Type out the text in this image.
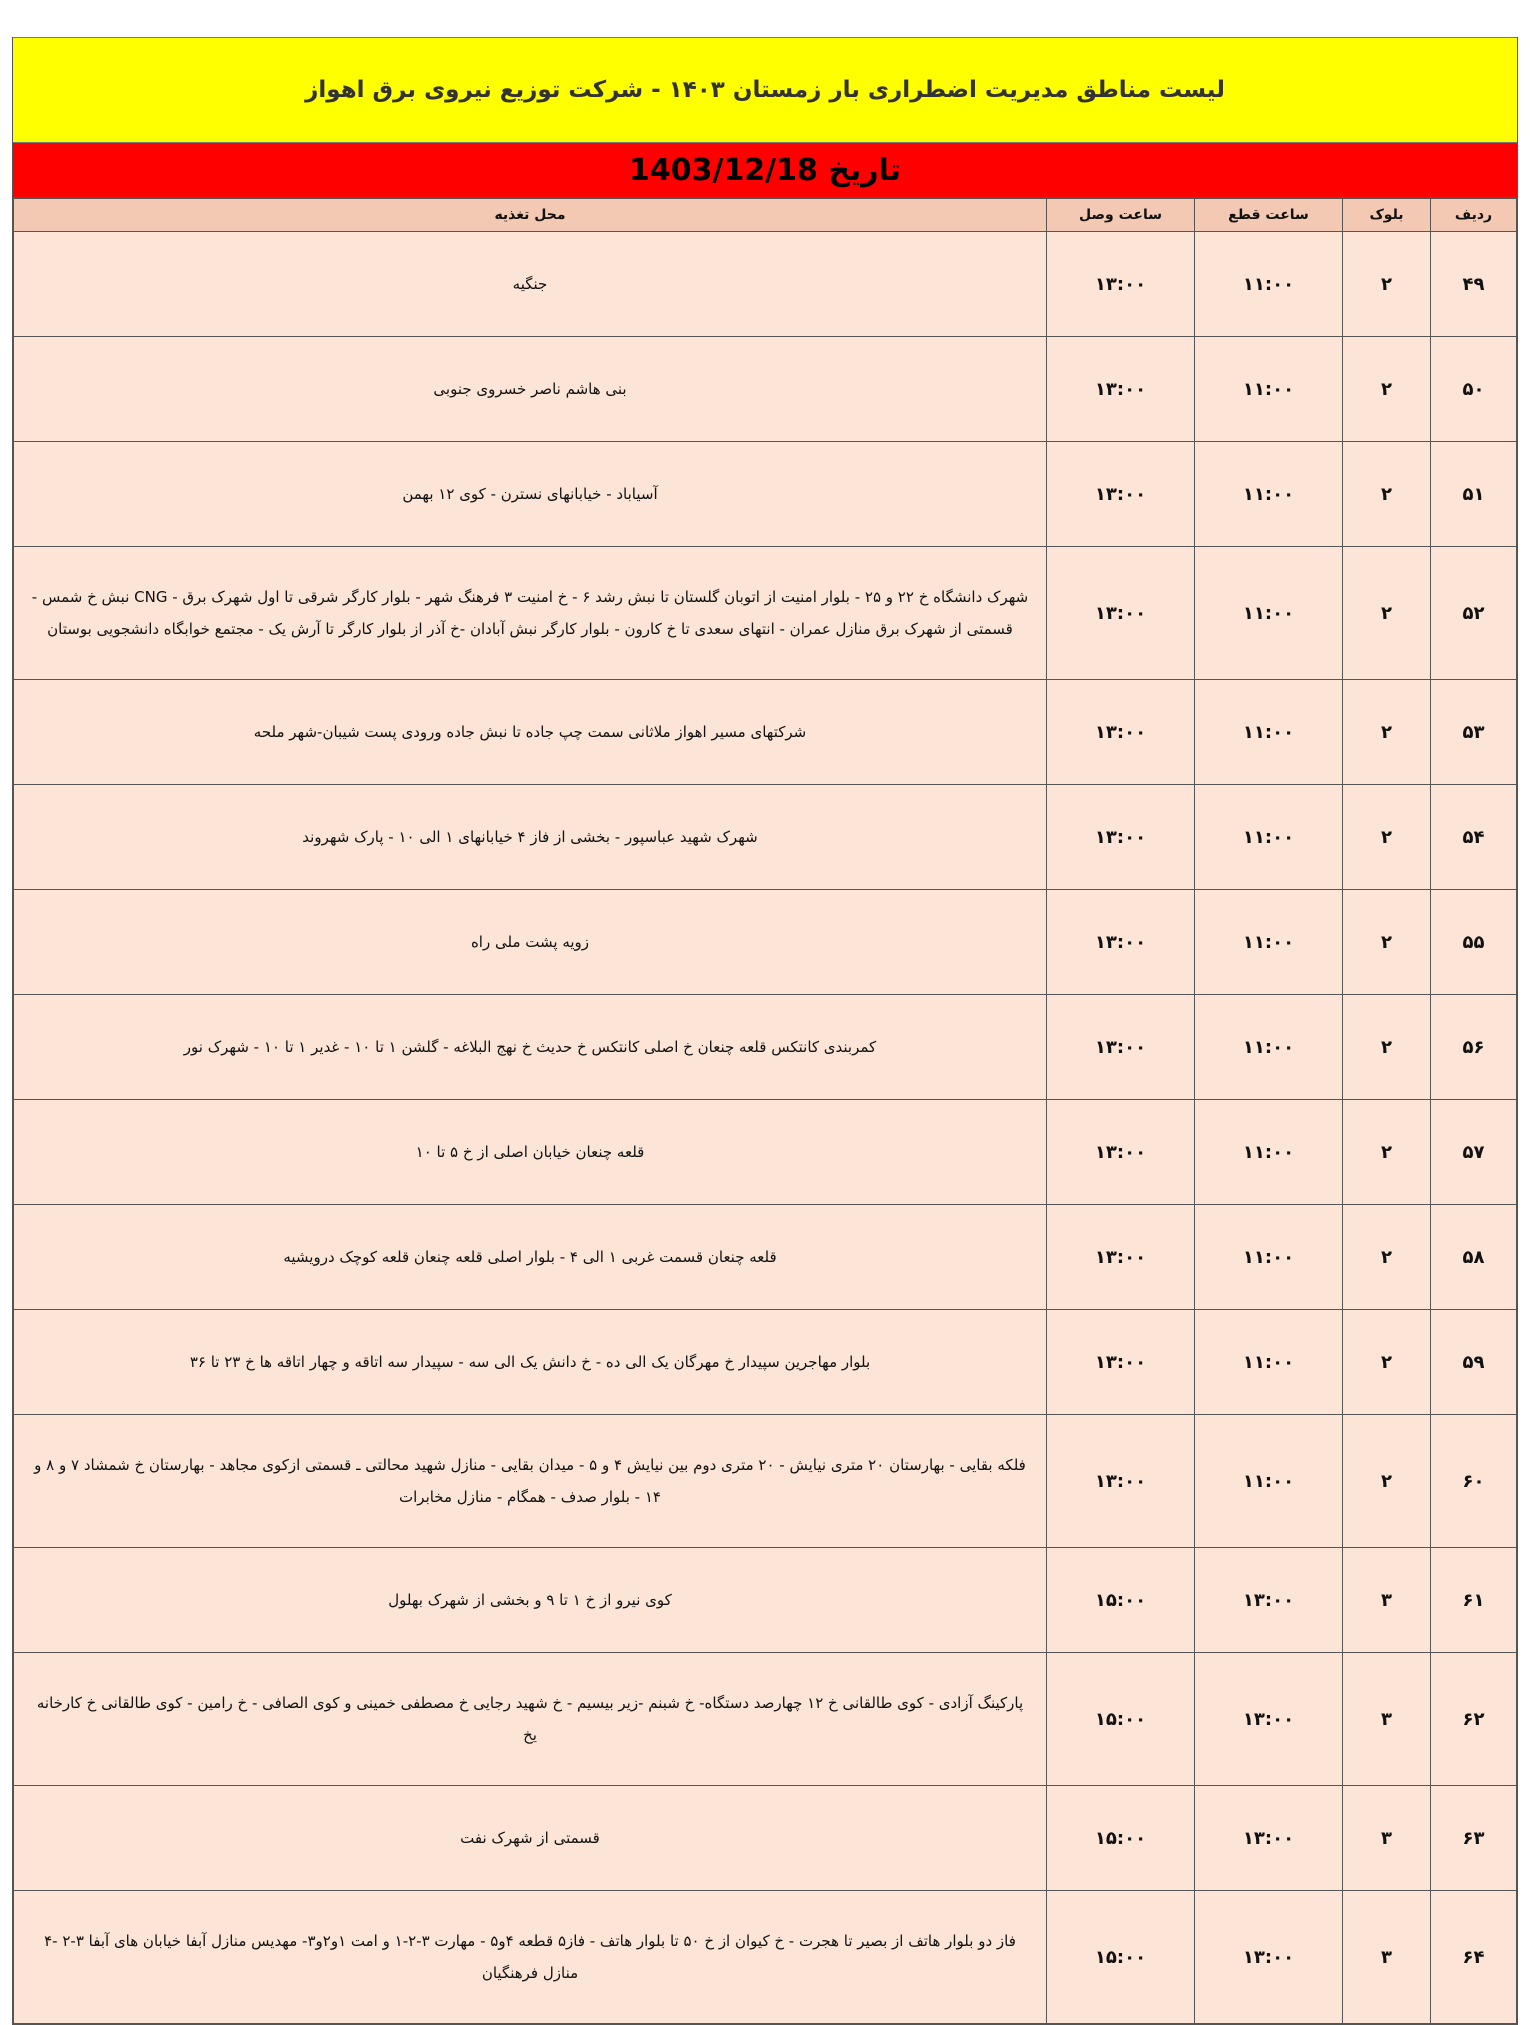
لیست مناطق مدیریت اضطراری بار زمستان ۱۴۰۳ - شرکت توزیع نیروی برق اهواز
تاریخ 1403/12/18
ردیف	بلوک	ساعت قطع	ساعت وصل	محل تغذیه
۴۹	۲	۱۱:۰۰	۱۳:۰۰	جنگیه
۵۰	۲	۱۱:۰۰	۱۳:۰۰	بنی هاشم ناصر خسروی جنوبی
۵۱	۲	۱۱:۰۰	۱۳:۰۰	آسیاباد - خیابانهای نسترن - کوی ۱۲ بهمن
۵۲	۲	۱۱:۰۰	۱۳:۰۰	شهرک دانشگاه خ ۲۲ و ۲۵ - بلوار امنیت از اتوبان گلستان تا نبش رشد ۶ - خ امنیت ۳ فرهنگ شهر - بلوار کارگر شرقی تا اول شهرک برق - CNG نبش خ شمس - قسمتی از شهرک برق منازل عمران - انتهای سعدی تا خ کارون - بلوار کارگر نبش آبادان -خ آذر از بلوار کارگر تا آرش یک - مجتمع خوابگاه دانشجویی بوستان
۵۳	۲	۱۱:۰۰	۱۳:۰۰	شرکتهای مسیر اهواز ملاثانی سمت چپ جاده تا نبش جاده ورودی پست شیبان-شهر ملحه
۵۴	۲	۱۱:۰۰	۱۳:۰۰	شهرک شهید عباسپور - بخشی از فاز ۴ خیابانهای ۱ الی ۱۰ - پارک شهروند
۵۵	۲	۱۱:۰۰	۱۳:۰۰	زویه پشت ملی راه
۵۶	۲	۱۱:۰۰	۱۳:۰۰	کمربندی کانتکس قلعه چنعان خ اصلی کانتکس خ حدیث خ نهج البلاغه - گلشن ۱ تا ۱۰ - غدیر ۱ تا ۱۰ - شهرک نور
۵۷	۲	۱۱:۰۰	۱۳:۰۰	قلعه چنعان خیابان اصلی از خ ۵ تا ۱۰
۵۸	۲	۱۱:۰۰	۱۳:۰۰	قلعه چنعان قسمت غربی ۱ الی ۴ - بلوار اصلی قلعه چنعان قلعه کوچک درویشیه
۵۹	۲	۱۱:۰۰	۱۳:۰۰	بلوار مهاجرین سپیدار خ مهرگان یک الی ده - خ دانش یک الی سه - سپیدار سه اتاقه و چهار اتاقه ها خ ۲۳ تا ۳۶
۶۰	۲	۱۱:۰۰	۱۳:۰۰	فلکه بقایی - بهارستان ۲۰ متری نیایش - ۲۰ متری دوم بین نیایش ۴ و ۵ - میدان بقایی - منازل شهید محالتی ـ قسمتی ازکوی مجاهد - بهارستان خ شمشاد ۷ و ۸ و ۱۴ - بلوار صدف - همگام - منازل مخابرات
۶۱	۳	۱۳:۰۰	۱۵:۰۰	کوی نیرو از خ ۱ تا ۹ و بخشی از شهرک بهلول
۶۲	۳	۱۳:۰۰	۱۵:۰۰	پارکینگ آزادی - کوی طالقانی خ ۱۲ چهارصد دستگاه- خ شبنم -زیر بیسیم - خ شهید رجایی خ مصطفی خمینی و کوی الصافی - خ رامین - کوی طالقانی خ کارخانه یخ
۶۳	۳	۱۳:۰۰	۱۵:۰۰	قسمتی از شهرک نفت
۶۴	۳	۱۳:۰۰	۱۵:۰۰	فاز دو بلوار هاتف از بصیر تا هجرت - خ کیوان از خ ۵۰ تا بلوار هاتف - فاز۵ قطعه ۴و۵ - مهارت ۳-۲-۱ و امت ۱و۲و۳- مهدیس منازل آبفا خیابان های آبفا ۳-۲ -۴ منازل فرهنگیان
